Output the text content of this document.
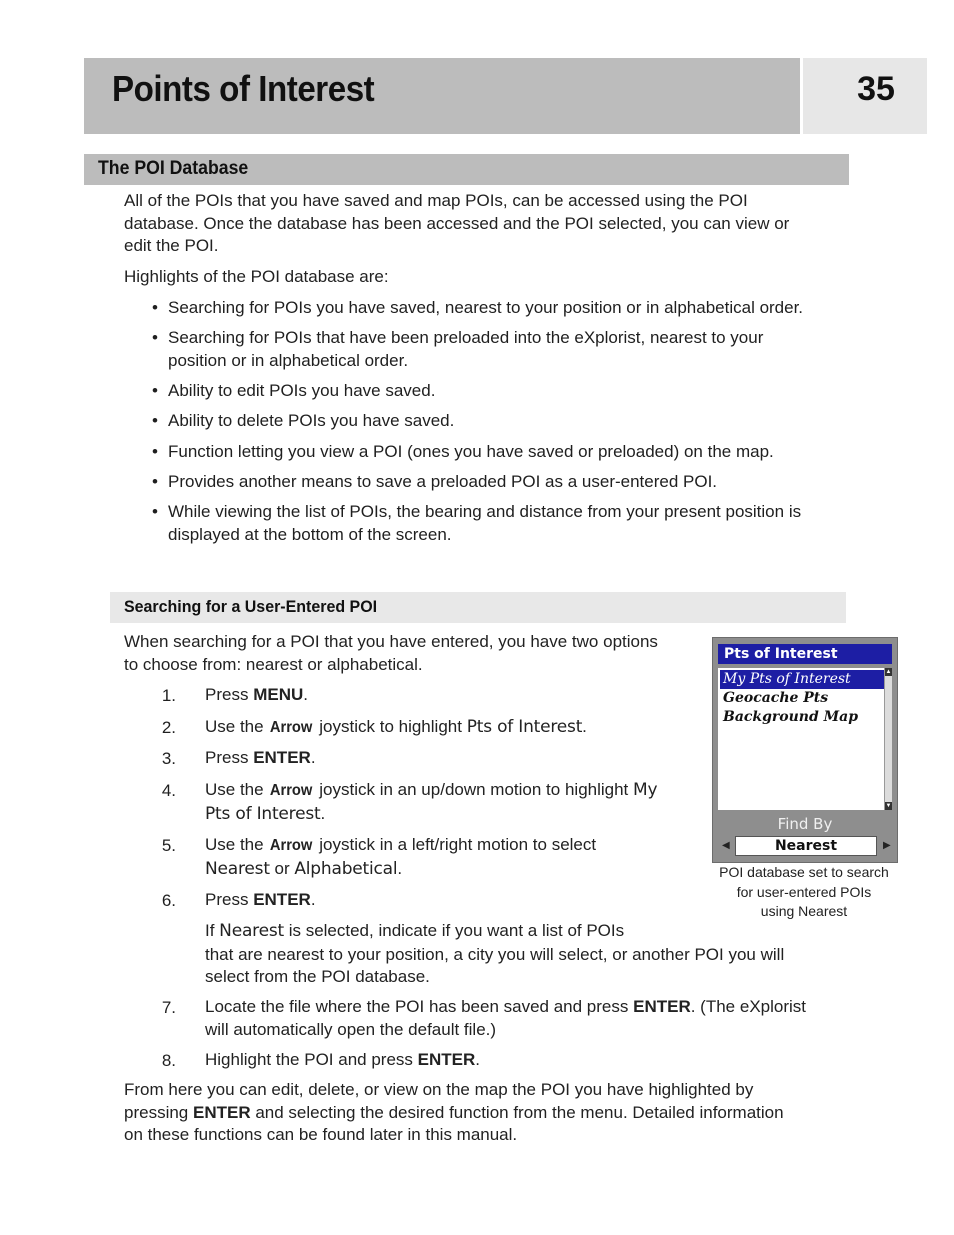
Points of Interest	35
The POI Database
All of the POIs that you have saved and map POIs, can be accessed using the POI
database. Once the database has been accessed and the POI selected, you can view or
edit the POI.
Highlights of the POI database are:
• Searching for POIs you have saved, nearest to your position or in alphabetical order.
• Searching for POIs that have been preloaded into the eXplorist, nearest to your
position or in alphabetical order.
• Ability to edit POIs you have saved.
• Ability to delete POIs you have saved.
• Function letting you view a POI (ones you have saved or preloaded) on the map.
• Provides another means to save a preloaded POI as a user-entered POI.
• While viewing the list of POIs, the bearing and distance from your present position is
displayed at the bottom of the screen.
Searching for a User-Entered POI
When searching for a POI that you have entered, you have two options
to choose from: nearest or alphabetical.
1. Press MENU.
2. Use the Arrow joystick to highlight Pts of Interest.
3. Press ENTER.
4. Use the Arrow joystick in an up/down motion to highlight My
Pts of Interest.
5. Use the Arrow joystick in a left/right motion to select
Nearest or Alphabetical.
6. Press ENTER.
If Nearest is selected, indicate if you want a list of POIs
that are nearest to your position, a city you will select, or another POI you will
select from the POI database.
7. Locate the file where the POI has been saved and press ENTER. (The eXplorist
will automatically open the default file.)
8. Highlight the POI and press ENTER.
From here you can edit, delete, or view on the map the POI you have highlighted by
pressing ENTER and selecting the desired function from the menu. Detailed information
on these functions can be found later in this manual.
Pts of Interest
My Pts of Interest
Geocache Pts
Background Map
▲
▼
Find By
◀	Nearest	▶
POI database set to search
for user-entered POIs
using Nearest
